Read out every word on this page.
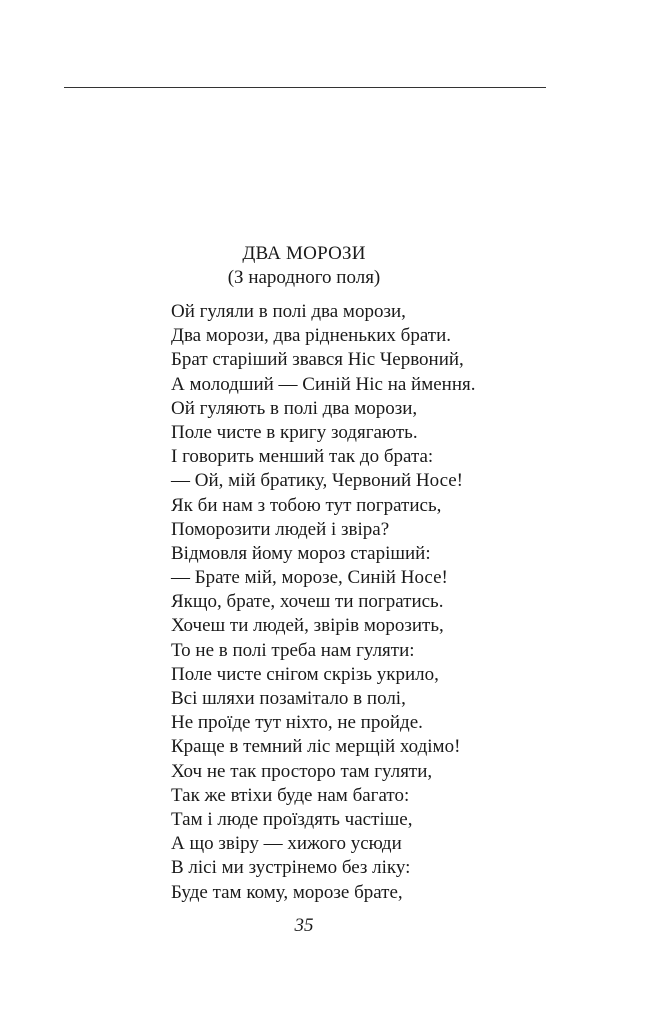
ДВА МОРОЗИ
(З народного поля)
Ой гуляли в полі два морози,
Два морози, два рідненьких брати.
Брат старіший звався Ніс Червоний,
А молодший — Синій Ніс на ймення.
Ой гуляють в полі два морози,
Поле чисте в кригу зодягають.
І говорить менший так до брата:
— Ой, мій братику, Червоний Носе!
Як би нам з тобою тут погратись,
Поморозити людей і звіра?
Відмовля йому мороз старіший:
— Брате мій, морозе, Синій Носе!
Якщо, брате, хочеш ти погратись.
Хочеш ти людей, звірів морозить,
То не в полі треба нам гуляти:
Поле чисте снігом скрізь укрило,
Всі шляхи позамітало в полі,
Не проїде тут ніхто, не пройде.
Краще в темний ліс мерщій ходімо!
Хоч не так просторо там гуляти,
Так же втіхи буде нам багато:
Там і люде проїздять частіше,
А що звіру — хижого усюди
В лісі ми зустрінемо без ліку:
Буде там кому, морозе брате,
35
